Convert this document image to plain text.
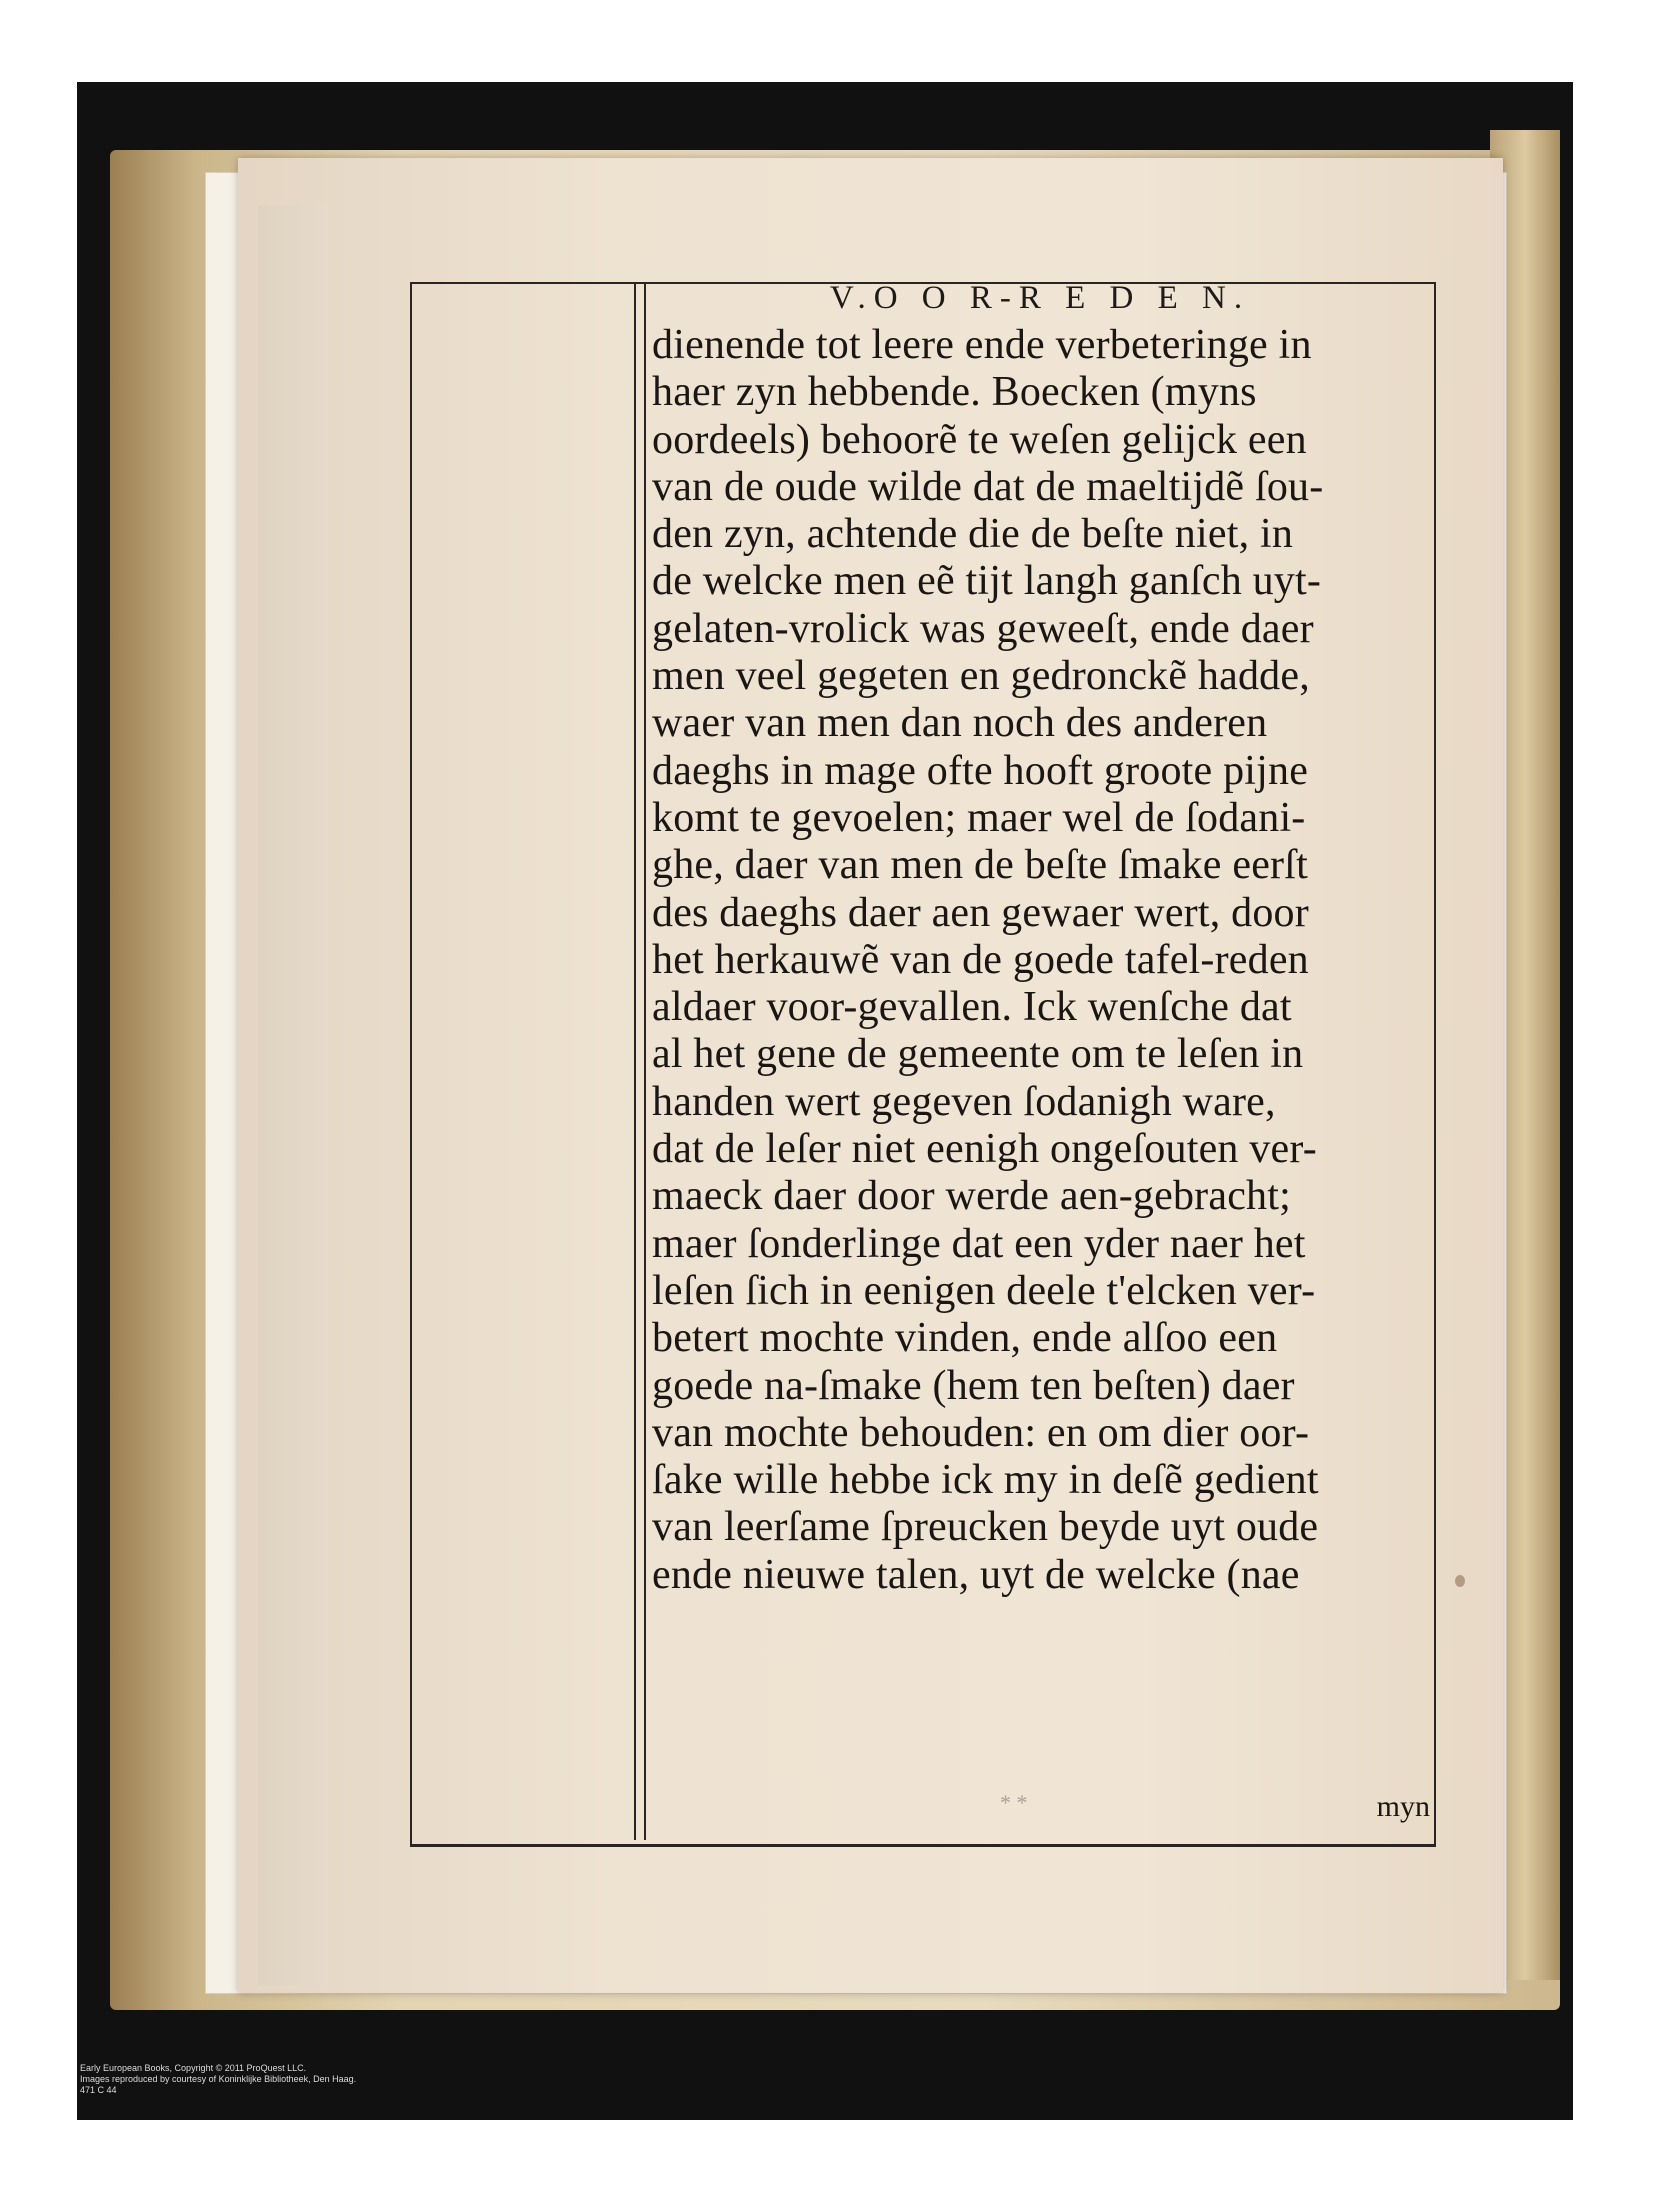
V.O O R-R E D E N.
dienende tot leere ende verbeteringe in
haer zyn hebbende. Boecken (myns
oordeels) behoorẽ te weſen gelijck een
van de oude wilde dat de maeltijdẽ ſou-
den zyn, achtende die de beſte niet, in
de welcke men eẽ tijt langh ganſch uyt-
gelaten-vrolick was geweeſt, ende daer
men veel gegeten en gedronckẽ hadde,
waer van men dan noch des anderen
daeghs in mage ofte hooft groote pijne
komt te gevoelen; maer wel de ſodani-
ghe, daer van men de beſte ſmake eerſt
des daeghs daer aen gewaer wert, door
het herkauwẽ van de goede tafel-reden
aldaer voor-gevallen. Ick wenſche dat
al het gene de gemeente om te leſen in
handen wert gegeven ſodanigh ware,
dat de leſer niet eenigh ongeſouten ver-
maeck daer door werde aen-gebracht;
maer ſonderlinge dat een yder naer het
leſen ſich in eenigen deele t'elcken ver-
betert mochte vinden, ende alſoo een
goede na-ſmake (hem ten beſten) daer
van mochte behouden: en om dier oor-
ſake wille hebbe ick my in deſẽ gedient
van leerſame ſpreucken beyde uyt oude
ende nieuwe talen, uyt de welcke (nae
* *	myn
Early European Books, Copyright © 2011 ProQuest LLC.
Images reproduced by courtesy of Koninklijke Bibliotheek, Den Haag.
471 C 44
